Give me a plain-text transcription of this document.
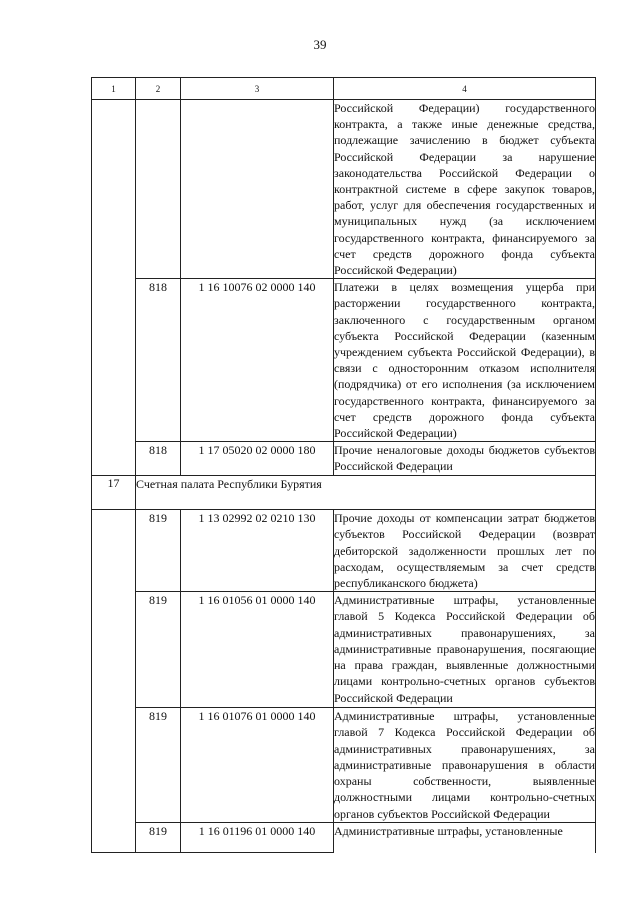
39
1	2	3	4
			Российской Федерации) государственного контракта, а также иные денежные средства, подлежащие зачислению в бюджет субъекта Российской Федерации за нарушение законодательства Российской Федерации о контрактной системе в сфере закупок товаров, работ, услуг для обеспечения государственных и муниципальных нужд (за исключением государственного контракта, финансируемого за счет средств дорожного фонда субъекта Российской Федерации)
	818	1 16 10076 02 0000 140	Платежи в целях возмещения ущерба при расторжении государственного контракта, заключенного с государственным органом субъекта Российской Федерации (казенным учреждением субъекта Российской Федерации), в связи с односторонним отказом исполнителя (подрядчика) от его исполнения (за исключением государственного контракта, финансируемого за счет средств дорожного фонда субъекта Российской Федерации)
	818	1 17 05020 02 0000 180	Прочие неналоговые доходы бюджетов субъектов Российской Федерации
17	Счетная палата Республики Бурятия		
	819	1 13 02992 02 0210 130	Прочие доходы от компенсации затрат бюджетов субъектов Российской Федерации (возврат дебиторской задолженности прошлых лет по расходам, осуществляемым за счет средств республиканского бюджета)
	819	1 16 01056 01 0000 140	Административные штрафы, установленные главой 5 Кодекса Российской Федерации об административных правонарушениях, за административные правонарушения, посягающие на права граждан, выявленные должностными лицами контрольно-счетных органов субъектов Российской Федерации
	819	1 16 01076 01 0000 140	Административные штрафы, установленные главой 7 Кодекса Российской Федерации об административных правонарушениях, за административные правонарушения в области охраны собственности, выявленные должностными лицами контрольно-счетных органов субъектов Российской Федерации
	819	1 16 01196 01 0000 140	Административные штрафы, установленные
